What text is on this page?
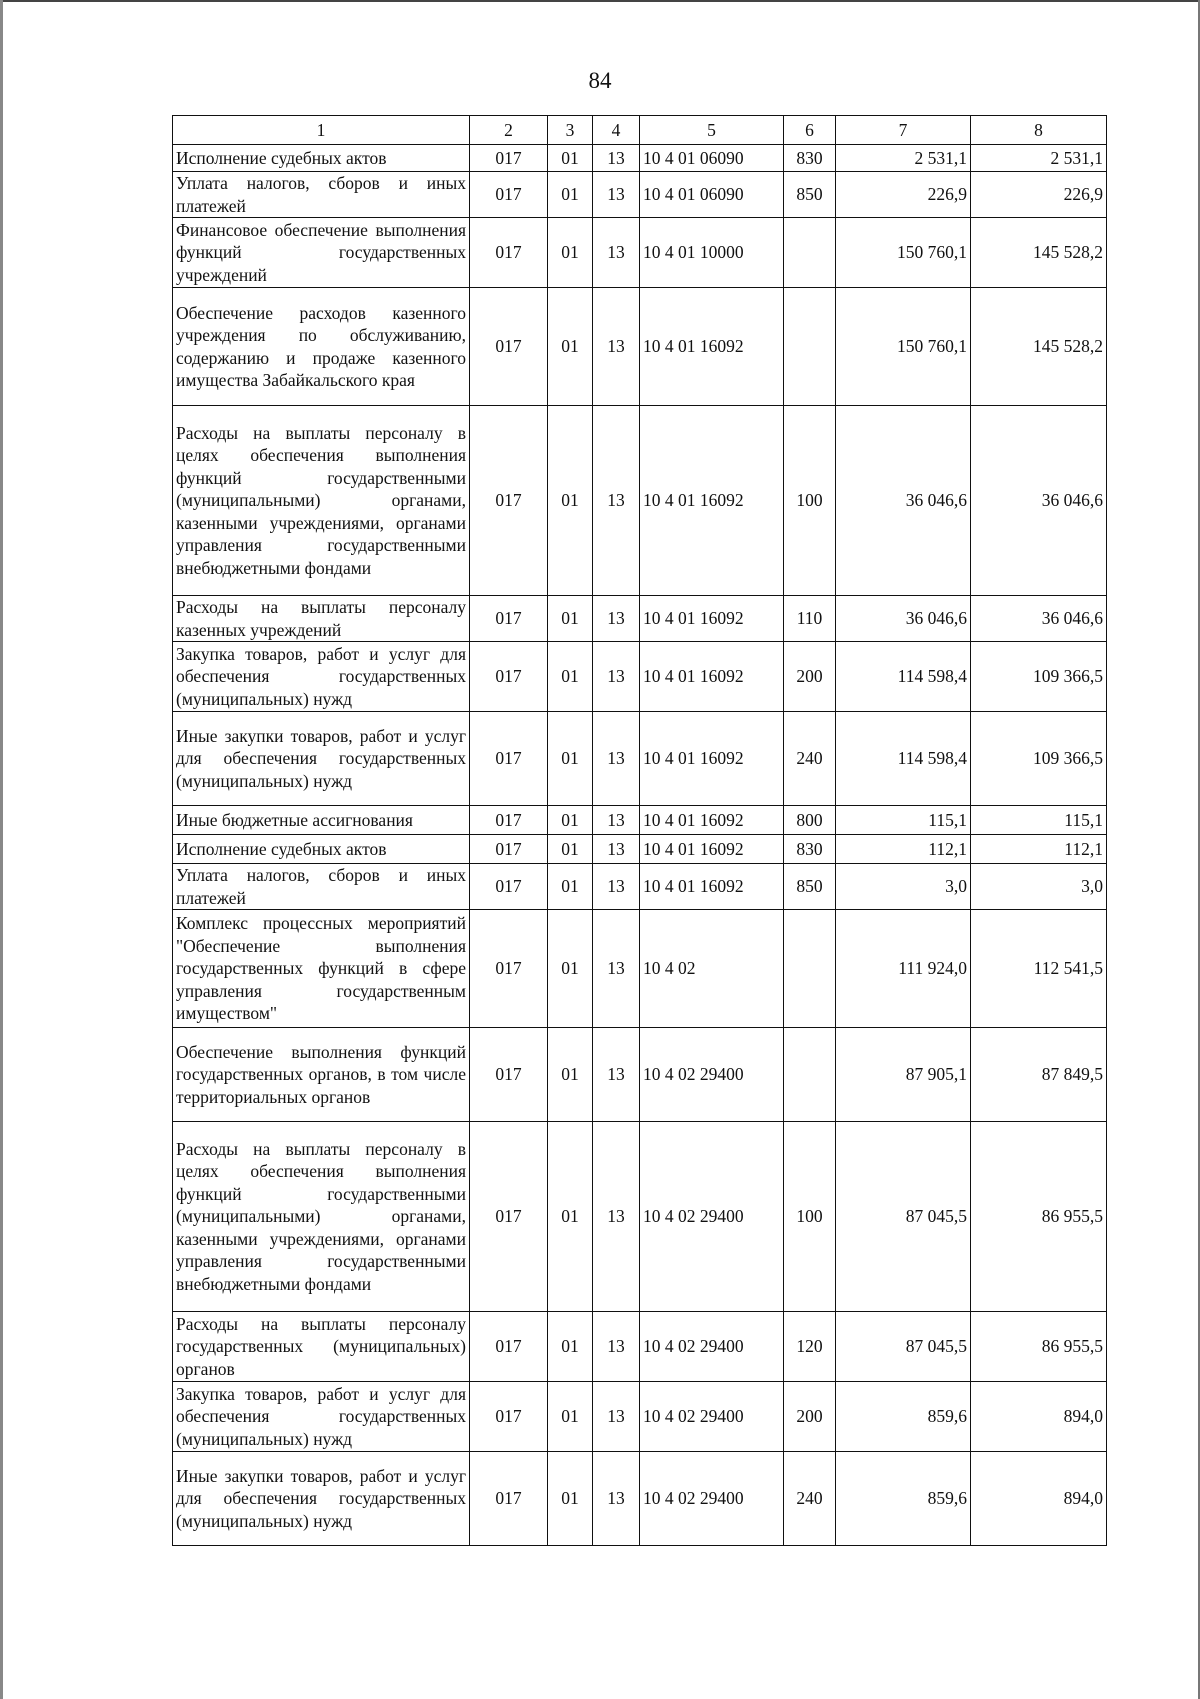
84
1	2	3	4	5	6	7	8
Исполнение судебных актов	017	01	13	10 4 01 06090	830	2 531,1	2 531,1
Уплата налогов, сборов и иных платежей	017	01	13	10 4 01 06090	850	226,9	226,9
Финансовое обеспечение выполнения функций государственных учреждений	017	01	13	10 4 01 10000		150 760,1	145 528,2
Обеспечение расходов казенного учреждения по обслуживанию, содержанию и продаже казенного имущества Забайкальского края	017	01	13	10 4 01 16092		150 760,1	145 528,2
Расходы на выплаты персоналу в целях обеспечения выполнения функций государственными (муниципальными) органами, казенными учреждениями, органами управления государственными внебюджетными фондами	017	01	13	10 4 01 16092	100	36 046,6	36 046,6
Расходы на выплаты персоналу казенных учреждений	017	01	13	10 4 01 16092	110	36 046,6	36 046,6
Закупка товаров, работ и услуг для обеспечения государственных (муниципальных) нужд	017	01	13	10 4 01 16092	200	114 598,4	109 366,5
Иные закупки товаров, работ и услуг для обеспечения государственных (муниципальных) нужд	017	01	13	10 4 01 16092	240	114 598,4	109 366,5
Иные бюджетные ассигнования	017	01	13	10 4 01 16092	800	115,1	115,1
Исполнение судебных актов	017	01	13	10 4 01 16092	830	112,1	112,1
Уплата налогов, сборов и иных платежей	017	01	13	10 4 01 16092	850	3,0	3,0
Комплекс процессных мероприятий "Обеспечение выполнения государственных функций в сфере управления государственным имуществом"	017	01	13	10 4 02		111 924,0	112 541,5
Обеспечение выполнения функций государственных органов, в том числе территориальных органов	017	01	13	10 4 02 29400		87 905,1	87 849,5
Расходы на выплаты персоналу в целях обеспечения выполнения функций государственными (муниципальными) органами, казенными учреждениями, органами управления государственными внебюджетными фондами	017	01	13	10 4 02 29400	100	87 045,5	86 955,5
Расходы на выплаты персоналу государственных (муниципальных) органов	017	01	13	10 4 02 29400	120	87 045,5	86 955,5
Закупка товаров, работ и услуг для обеспечения государственных (муниципальных) нужд	017	01	13	10 4 02 29400	200	859,6	894,0
Иные закупки товаров, работ и услуг для обеспечения государственных (муниципальных) нужд	017	01	13	10 4 02 29400	240	859,6	894,0
